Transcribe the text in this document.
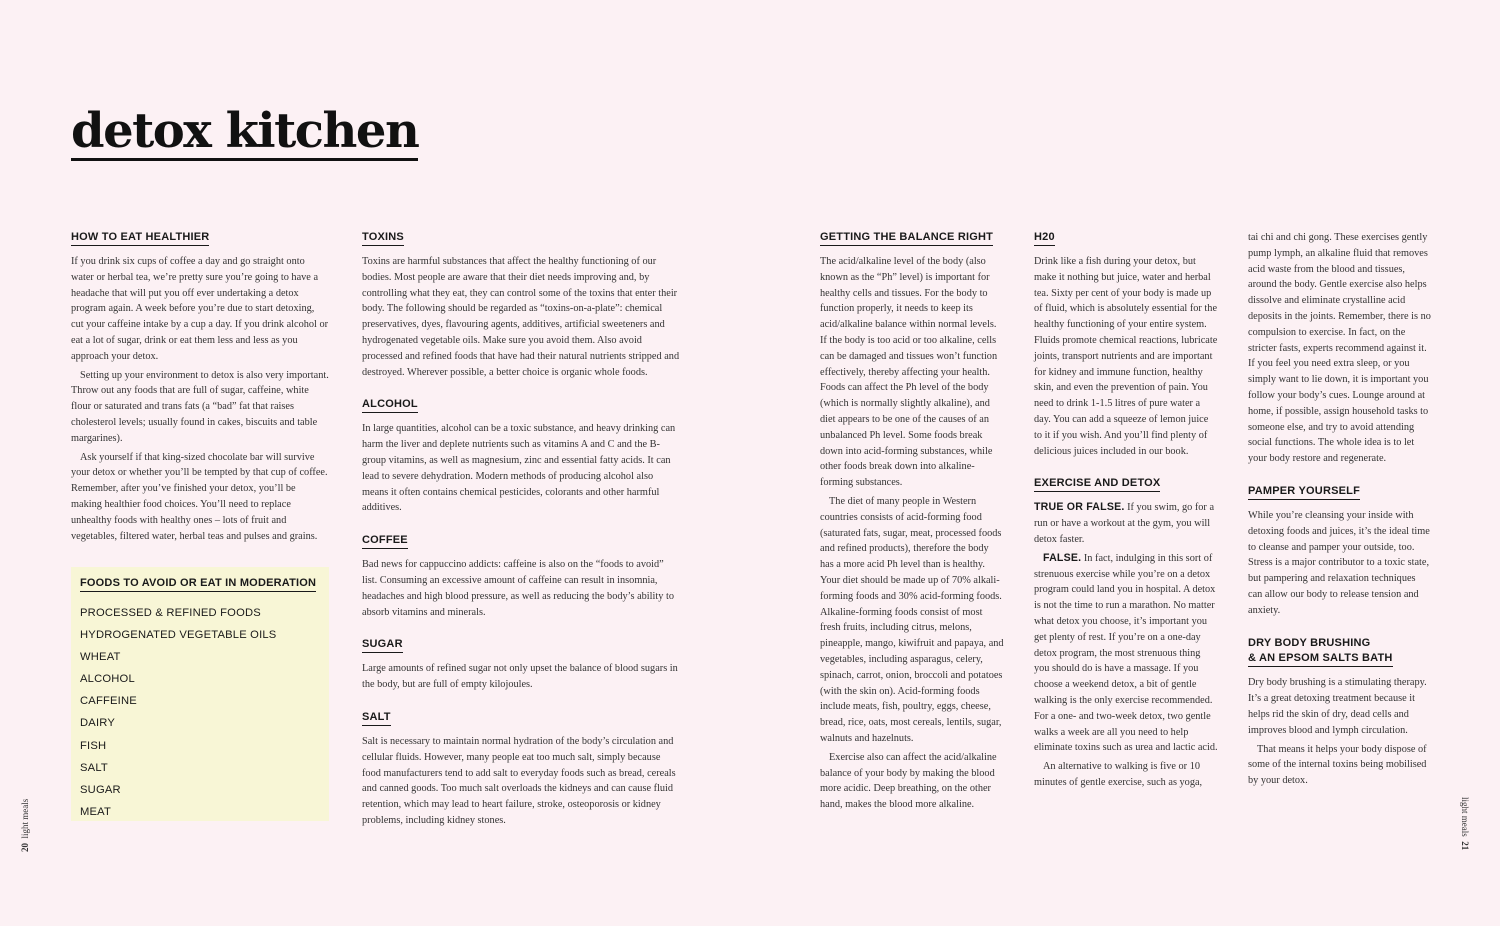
detox kitchen
HOW TO EAT HEALTHIER

If you drink six cups of coffee a day and go straight onto water or herbal tea, we’re pretty sure you’re going to have a headache that will put you off ever undertaking a detox program again. A week before you’re due to start detoxing, cut your caffeine intake by a cup a day. If you drink alcohol or eat a lot of sugar, drink or eat them less and less as you approach your detox.

Setting up your environment to detox is also very important. Throw out any foods that are full of sugar, caffeine, white flour or saturated and trans fats (a “bad” fat that raises cholesterol levels; usually found in cakes, biscuits and table margarines).

Ask yourself if that king-sized chocolate bar will survive your detox or whether you’ll be tempted by that cup of coffee. Remember, after you’ve finished your detox, you’ll be making healthier food choices. You’ll need to replace unhealthy foods with healthy ones – lots of fruit and vegetables, filtered water, herbal teas and pulses and grains.

FOODS TO AVOID OR EAT IN MODERATION
PROCESSED & REFINED FOODS
HYDROGENATED VEGETABLE OILS
WHEAT
ALCOHOL
CAFFEINE
DAIRY
FISH
SALT
SUGAR
MEAT
TOXINS

Toxins are harmful substances that affect the healthy functioning of our bodies. Most people are aware that their diet needs improving and, by controlling what they eat, they can control some of the toxins that enter their body. The following should be regarded as “toxins-on-a-plate”: chemical preservatives, dyes, flavouring agents, additives, artificial sweeteners and hydrogenated vegetable oils. Make sure you avoid them. Also avoid processed and refined foods that have had their natural nutrients stripped and destroyed. Wherever possible, a better choice is organic whole foods.

ALCOHOL

In large quantities, alcohol can be a toxic substance, and heavy drinking can harm the liver and deplete nutrients such as vitamins A and C and the B-group vitamins, as well as magnesium, zinc and essential fatty acids. It can lead to severe dehydration. Modern methods of producing alcohol also means it often contains chemical pesticides, colorants and other harmful additives.

COFFEE

Bad news for cappuccino addicts: caffeine is also on the “foods to avoid” list. Consuming an excessive amount of caffeine can result in insomnia, headaches and high blood pressure, as well as reducing the body’s ability to absorb vitamins and minerals.

SUGAR

Large amounts of refined sugar not only upset the balance of blood sugars in the body, but are full of empty kilojoules.

SALT

Salt is necessary to maintain normal hydration of the body’s circulation and cellular fluids. However, many people eat too much salt, simply because food manufacturers tend to add salt to everyday foods such as bread, cereals and canned goods. Too much salt overloads the kidneys and can cause fluid retention, which may lead to heart failure, stroke, osteoporosis or kidney problems, including kidney stones.

GETTING THE BALANCE RIGHT

The acid/alkaline level of the body (also known as the “Ph” level) is important for healthy cells and tissues. For the body to function properly, it needs to keep its acid/alkaline balance within normal levels. If the body is too acid or too alkaline, cells can be damaged and tissues won’t function effectively, thereby affecting your health. Foods can affect the Ph level of the body (which is normally slightly alkaline), and diet appears to be one of the causes of an unbalanced Ph level. Some foods break down into acid-forming substances, while other foods break down into alkaline-forming substances.

The diet of many people in Western countries consists of acid-forming food (saturated fats, sugar, meat, processed foods and refined products), therefore the body has a more acid Ph level than is healthy. Your diet should be made up of 70% alkali-forming foods and 30% acid-forming foods. Alkaline-forming foods consist of most fresh fruits, including citrus, melons, pineapple, mango, kiwifruit and papaya, and vegetables, including asparagus, celery, spinach, carrot, onion, broccoli and potatoes (with the skin on). Acid-forming foods include meats, fish, poultry, eggs, cheese, bread, rice, oats, most cereals, lentils, sugar, walnuts and hazelnuts.

Exercise also can affect the acid/alkaline balance of your body by making the blood more acidic. Deep breathing, on the other hand, makes the blood more alkaline.

H20

Drink like a fish during your detox, but make it nothing but juice, water and herbal tea. Sixty per cent of your body is made up of fluid, which is absolutely essential for the healthy functioning of your entire system. Fluids promote chemical reactions, lubricate joints, transport nutrients and are important for kidney and immune function, healthy skin, and even the prevention of pain. You need to drink 1-1.5 litres of pure water a day. You can add a squeeze of lemon juice to it if you wish. And you’ll find plenty of delicious juices included in our book.

EXERCISE AND DETOX

TRUE OR FALSE. If you swim, go for a run or have a workout at the gym, you will detox faster.

FALSE. In fact, indulging in this sort of strenuous exercise while you’re on a detox program could land you in hospital. A detox is not the time to run a marathon. No matter what detox you choose, it’s important you get plenty of rest. If you’re on a one-day detox program, the most strenuous thing you should do is have a massage. If you choose a weekend detox, a bit of gentle walking is the only exercise recommended. For a one- and two-week detox, two gentle walks a week are all you need to help eliminate toxins such as urea and lactic acid.

An alternative to walking is five or 10 minutes of gentle exercise, such as yoga,

tai chi and chi gong. These exercises gently pump lymph, an alkaline fluid that removes acid waste from the blood and tissues, around the body. Gentle exercise also helps dissolve and eliminate crystalline acid deposits in the joints. Remember, there is no compulsion to exercise. In fact, on the stricter fasts, experts recommend against it. If you feel you need extra sleep, or you simply want to lie down, it is important you follow your body’s cues. Lounge around at home, if possible, assign household tasks to someone else, and try to avoid attending social functions. The whole idea is to let your body restore and regenerate.

PAMPER YOURSELF

While you’re cleansing your inside with detoxing foods and juices, it’s the ideal time to cleanse and pamper your outside, too. Stress is a major contributor to a toxic state, but pampering and relaxation techniques can allow our body to release tension and anxiety.

DRY BODY BRUSHING
& AN EPSOM SALTS BATH

Dry body brushing is a stimulating therapy. It’s a great detoxing treatment because it helps rid the skin of dry, dead cells and improves blood and lymph circulation.

That means it helps your body dispose of some of the internal toxins being mobilised by your detox.

20  light meals	light meals  21
